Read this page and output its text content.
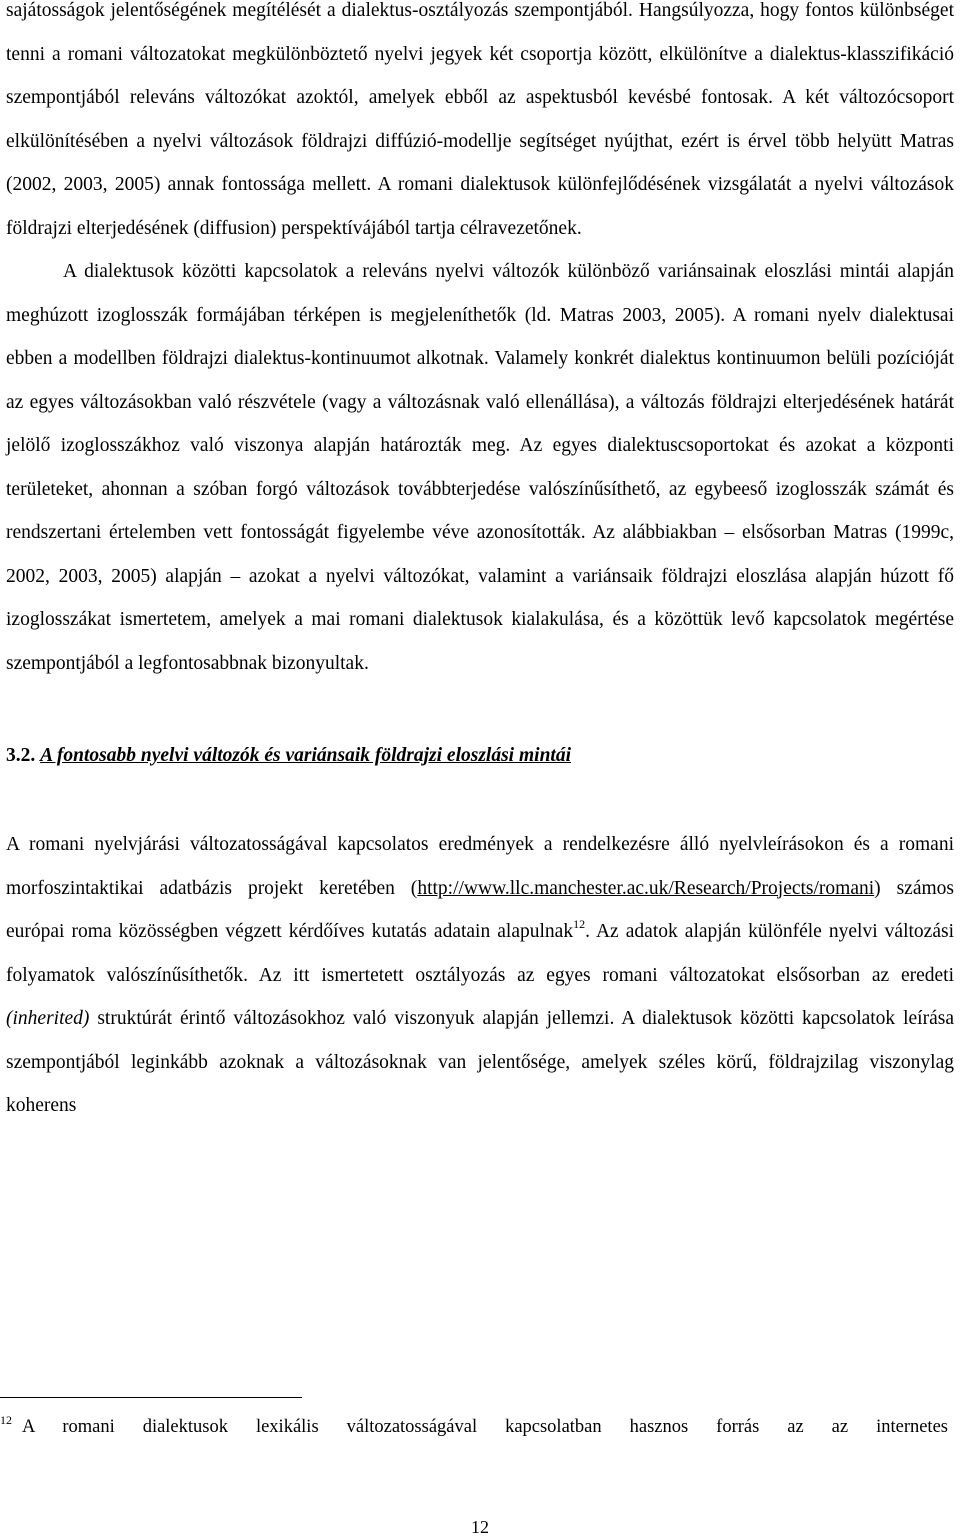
sajátosságok jelentőségének megítélését a dialektus-osztályozás szempontjából. Hangsúlyozza, hogy fontos különbséget tenni a romani változatokat megkülönböztető nyelvi jegyek két csoportja között, elkülönítve a dialektus-klasszifikáció szempontjából releváns változókat azoktól, amelyek ebből az aspektusból kevésbé fontosak. A két változócsoport elkülönítésében a nyelvi változások földrajzi diffúzió-modellje segítséget nyújthat, ezért is érvel több helyütt Matras (2002, 2003, 2005) annak fontossága mellett. A romani dialektusok különfejlődésének vizsgálatát a nyelvi változások földrajzi elterjedésének (diffusion) perspektívájából tartja célravezetőnek.

A dialektusok közötti kapcsolatok a releváns nyelvi változók különböző variánsainak eloszlási mintái alapján meghúzott izoglosszák formájában térképen is megjeleníthetők (ld. Matras 2003, 2005). A romani nyelv dialektusai ebben a modellben földrajzi dialektus-kontinuumot alkotnak. Valamely konkrét dialektus kontinuumon belüli pozícióját az egyes változásokban való részvétele (vagy a változásnak való ellenállása), a változás földrajzi elterjedésének határát jelölő izoglosszákhoz való viszonya alapján határozták meg. Az egyes dialektuscsoportokat és azokat a központi területeket, ahonnan a szóban forgó változások továbbterjedése valószínűsíthető, az egybeeső izoglosszák számát és rendszertani értelemben vett fontosságát figyelembe véve azonosították. Az alábbiakban – elsősorban Matras (1999c, 2002, 2003, 2005) alapján – azokat a nyelvi változókat, valamint a variánsaik földrajzi eloszlása alapján húzott fő izoglosszákat ismertetem, amelyek a mai romani dialektusok kialakulása, és a közöttük levő kapcsolatok megértése szempontjából a legfontosabbnak bizonyultak.

3.2. A fontosabb nyelvi változók és variánsaik földrajzi eloszlási mintái

A romani nyelvjárási változatosságával kapcsolatos eredmények a rendelkezésre álló nyelvleírásokon és a romani morfoszintaktikai adatbázis projekt keretében (http://www.llc.manchester.ac.uk/Research/Projects/romani) számos európai roma közösségben végzett kérdőíves kutatás adatain alapulnak$^{12}$. Az adatok alapján különféle nyelvi változási folyamatok valószínűsíthetők. Az itt ismertetett osztályozás az egyes romani változatokat elsősorban az eredeti (inherited) struktúrát érintő változásokhoz való viszonyuk alapján jellemzi. A dialektusok közötti kapcsolatok leírása szempontjából leginkább azoknak a változásoknak van jelentősége, amelyek széles körű, földrajzilag viszonylag koherens

$^{12}$ A romani dialektusok lexikális változatosságával kapcsolatban hasznos forrás az az internetes
12
